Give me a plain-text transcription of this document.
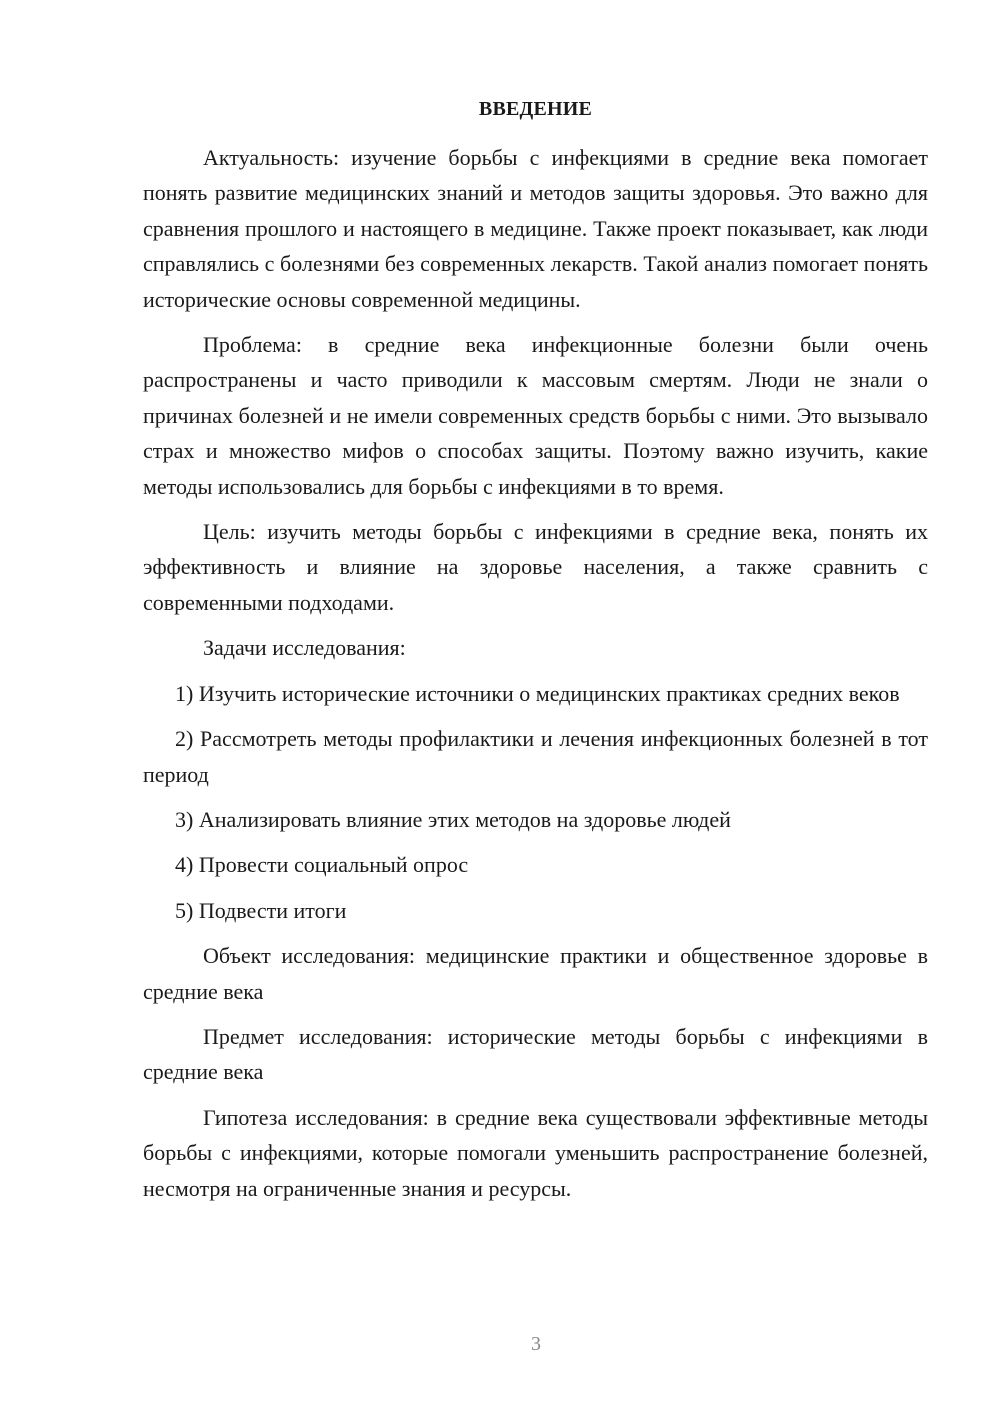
ВВЕДЕНИЕ

Актуальность: изучение борьбы с инфекциями в средние века помогает понять развитие медицинских знаний и методов защиты здоровья. Это важно для сравнения прошлого и настоящего в медицине. Также проект показывает, как люди справлялись с болезнями без современных лекарств. Такой анализ помогает понять исторические основы современной медицины.

Проблема: в средние века инфекционные болезни были очень распространены и часто приводили к массовым смертям. Люди не знали о причинах болезней и не имели современных средств борьбы с ними. Это вызывало страх и множество мифов о способах защиты. Поэтому важно изучить, какие методы использовались для борьбы с инфекциями в то время.

Цель: изучить методы борьбы с инфекциями в средние века, понять их эффективность и влияние на здоровье населения, а также сравнить с современными подходами.

Задачи исследования:

1) Изучить исторические источники о медицинских практиках средних веков

2) Рассмотреть методы профилактики и лечения инфекционных болезней в тот период

3) Анализировать влияние этих методов на здоровье людей

4) Провести социальный опрос

5) Подвести итоги

Объект исследования: медицинские практики и общественное здоровье в средние века

Предмет исследования: исторические методы борьбы с инфекциями в средние века

Гипотеза исследования: в средние века существовали эффективные методы борьбы с инфекциями, которые помогали уменьшить распространение болезней, несмотря на ограниченные знания и ресурсы.

3
